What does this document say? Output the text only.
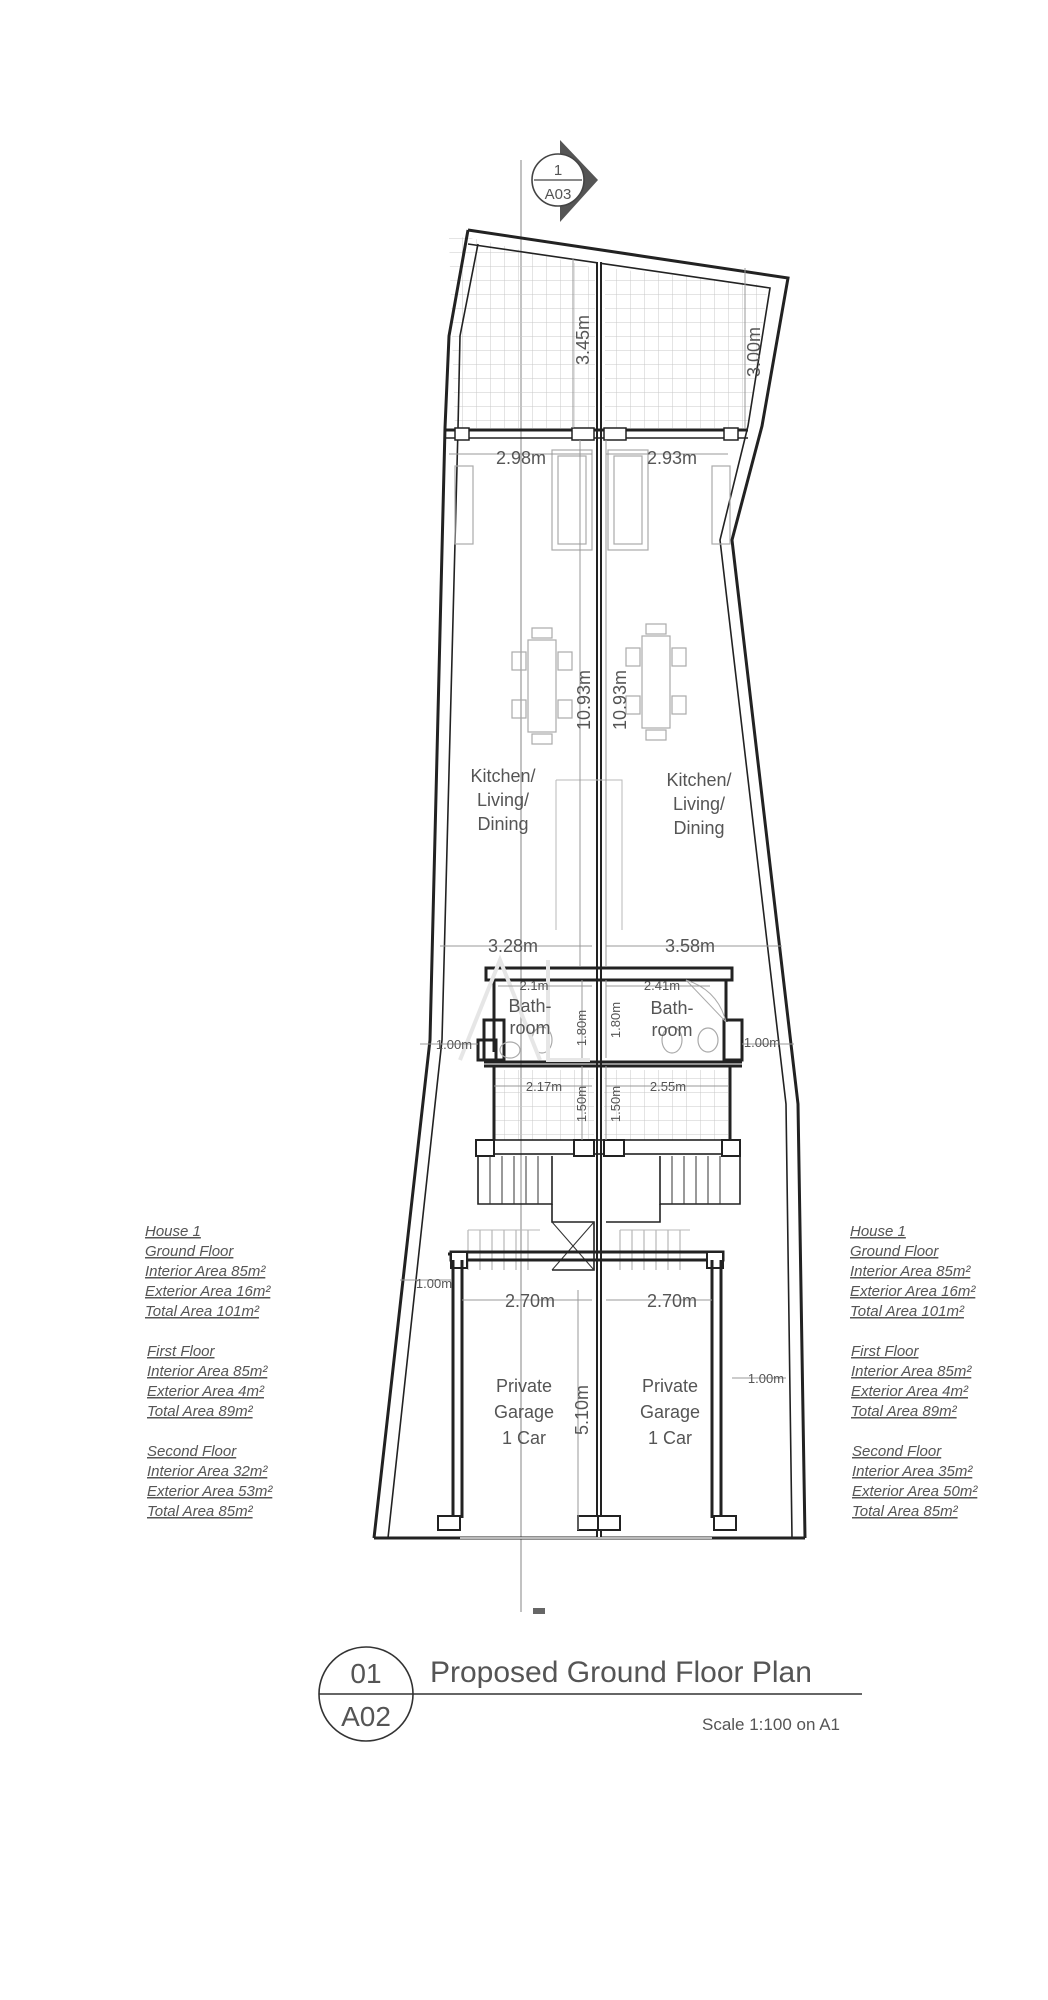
1
A03
3.45m	3.00m
2.98m	2.93m
10.93m 10.93m
3.28m	3.58m
2.1m	2.41m
1.80m 1.80m
1.00m	1.00m
2.17m	2.55m
1.50m 1.50m
1.00m
1.00m
2.70m	2.70m
5.10m
Kitchen/
Living/
Dining
Kitchen/
Living/
Dining
Bath-
room
Bath-
room
Private
Garage
1 Car
Private
Garage
1 Car
House 1
Ground Floor
Interior Area 85m²
Exterior Area 16m²
Total Area 101m²
First Floor
Interior Area 85m²
Exterior Area 4m²
Total Area 89m²
Second Floor
Interior Area 32m²
Exterior Area 53m²
Total Area 85m²
House 1
Ground Floor
Interior Area 85m²
Exterior Area 16m²
Total Area 101m²
First Floor
Interior Area 85m²
Exterior Area 4m²
Total Area 89m²
Second Floor
Interior Area 35m²
Exterior Area 50m²
Total Area 85m²
01
A02
Proposed Ground Floor Plan
Scale 1:100 on A1
